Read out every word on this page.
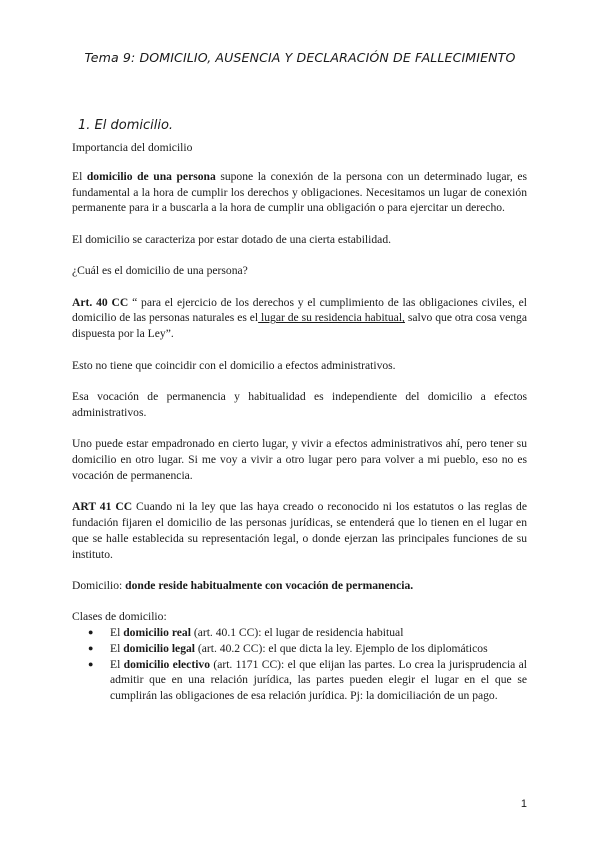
Tema 9: DOMICILIO, AUSENCIA Y DECLARACIÓN DE FALLECIMIENTO
1. El domicilio.

Importancia del domicilio

El domicilio de una persona supone la conexión de la persona con un determinado lugar, es fundamental a la hora de cumplir los derechos y obligaciones. Necesitamos un lugar de conexión permanente para ir a buscarla a la hora de cumplir una obligación o para ejercitar un derecho.

El domicilio se caracteriza por estar dotado de una cierta estabilidad.

¿Cuál es el domicilio de una persona?

Art. 40 CC “ para el ejercicio de los derechos y el cumplimiento de las obligaciones civiles, el domicilio de las personas naturales es el lugar de su residencia habitual, salvo que otra cosa venga dispuesta por la Ley”.

Esto no tiene que coincidir con el domicilio a efectos administrativos.

Esa vocación de permanencia y habitualidad es independiente del domicilio a efectos administrativos.

Uno puede estar empadronado en cierto lugar, y vivir a efectos administrativos ahí, pero tener su domicilio en otro lugar. Si me voy a vivir a otro lugar pero para volver a mi pueblo, eso no es vocación de permanencia.

ART 41 CC Cuando ni la ley que las haya creado o reconocido ni los estatutos o las reglas de fundación fijaren el domicilio de las personas jurídicas, se entenderá que lo tienen en el lugar en que se halle establecida su representación legal, o donde ejerzan las principales funciones de su instituto.

Domicilio: donde reside habitualmente con vocación de permanencia.

Clases de domicilio:

● El domicilio real (art. 40.1 CC): el lugar de residencia habitual
● El domicilio legal (art. 40.2 CC): el que dicta la ley. Ejemplo de los diplomáticos
● El domicilio electivo (art. 1171 CC): el que elijan las partes. Lo crea la jurisprudencia al admitir que en una relación jurídica, las partes pueden elegir el lugar en el que se cumplirán las obligaciones de esa relación jurídica. Pj: la domiciliación de un pago.
1
